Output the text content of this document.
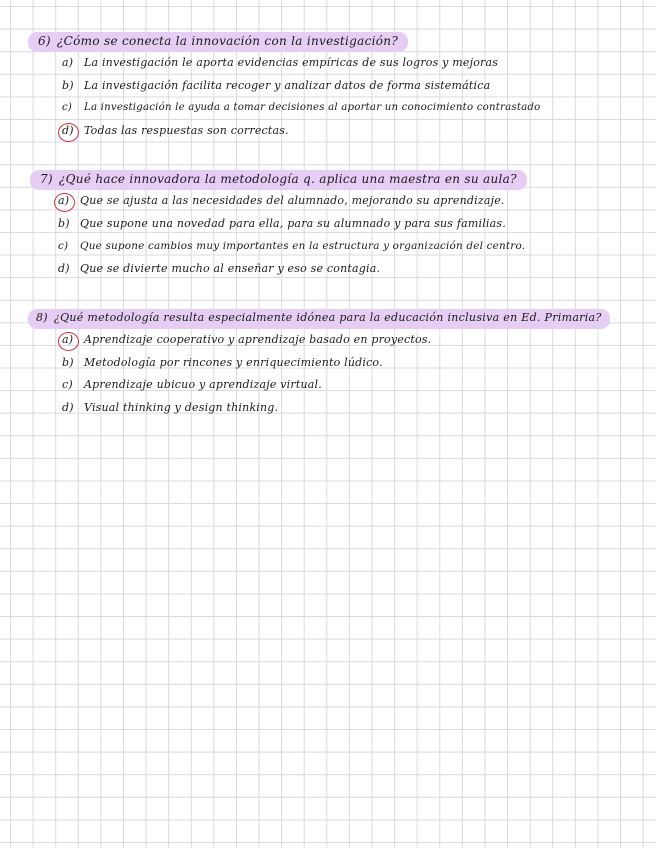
6) ¿Cómo se conecta la innovación con la investigación?
a) La investigación le aporta evidencias empíricas de sus logros y mejoras
b) La investigación facilita recoger y analizar datos de forma sistemática
c) La investigación le ayuda a tomar decisiones al aportar un conocimiento contrastado
d) Todas las respuestas son correctas.
7) ¿Qué hace innovadora la metodología q. aplica una maestra en su aula?
a) Que se ajusta a las necesidades del alumnado, mejorando su aprendizaje.
b) Que supone una novedad para ella, para su alumnado y para sus familias.
c) Que supone cambios muy importantes en la estructura y organización del centro.
d) Que se divierte mucho al enseñar y eso se contagia.
8) ¿Qué metodología resulta especialmente idónea para la educación inclusiva en Ed. Primaria?
a) Aprendizaje cooperativo y aprendizaje basado en proyectos.
b) Metodología por rincones y enriquecimiento lúdico.
c) Aprendizaje ubicuo y aprendizaje virtual.
d) Visual thinking y design thinking.
